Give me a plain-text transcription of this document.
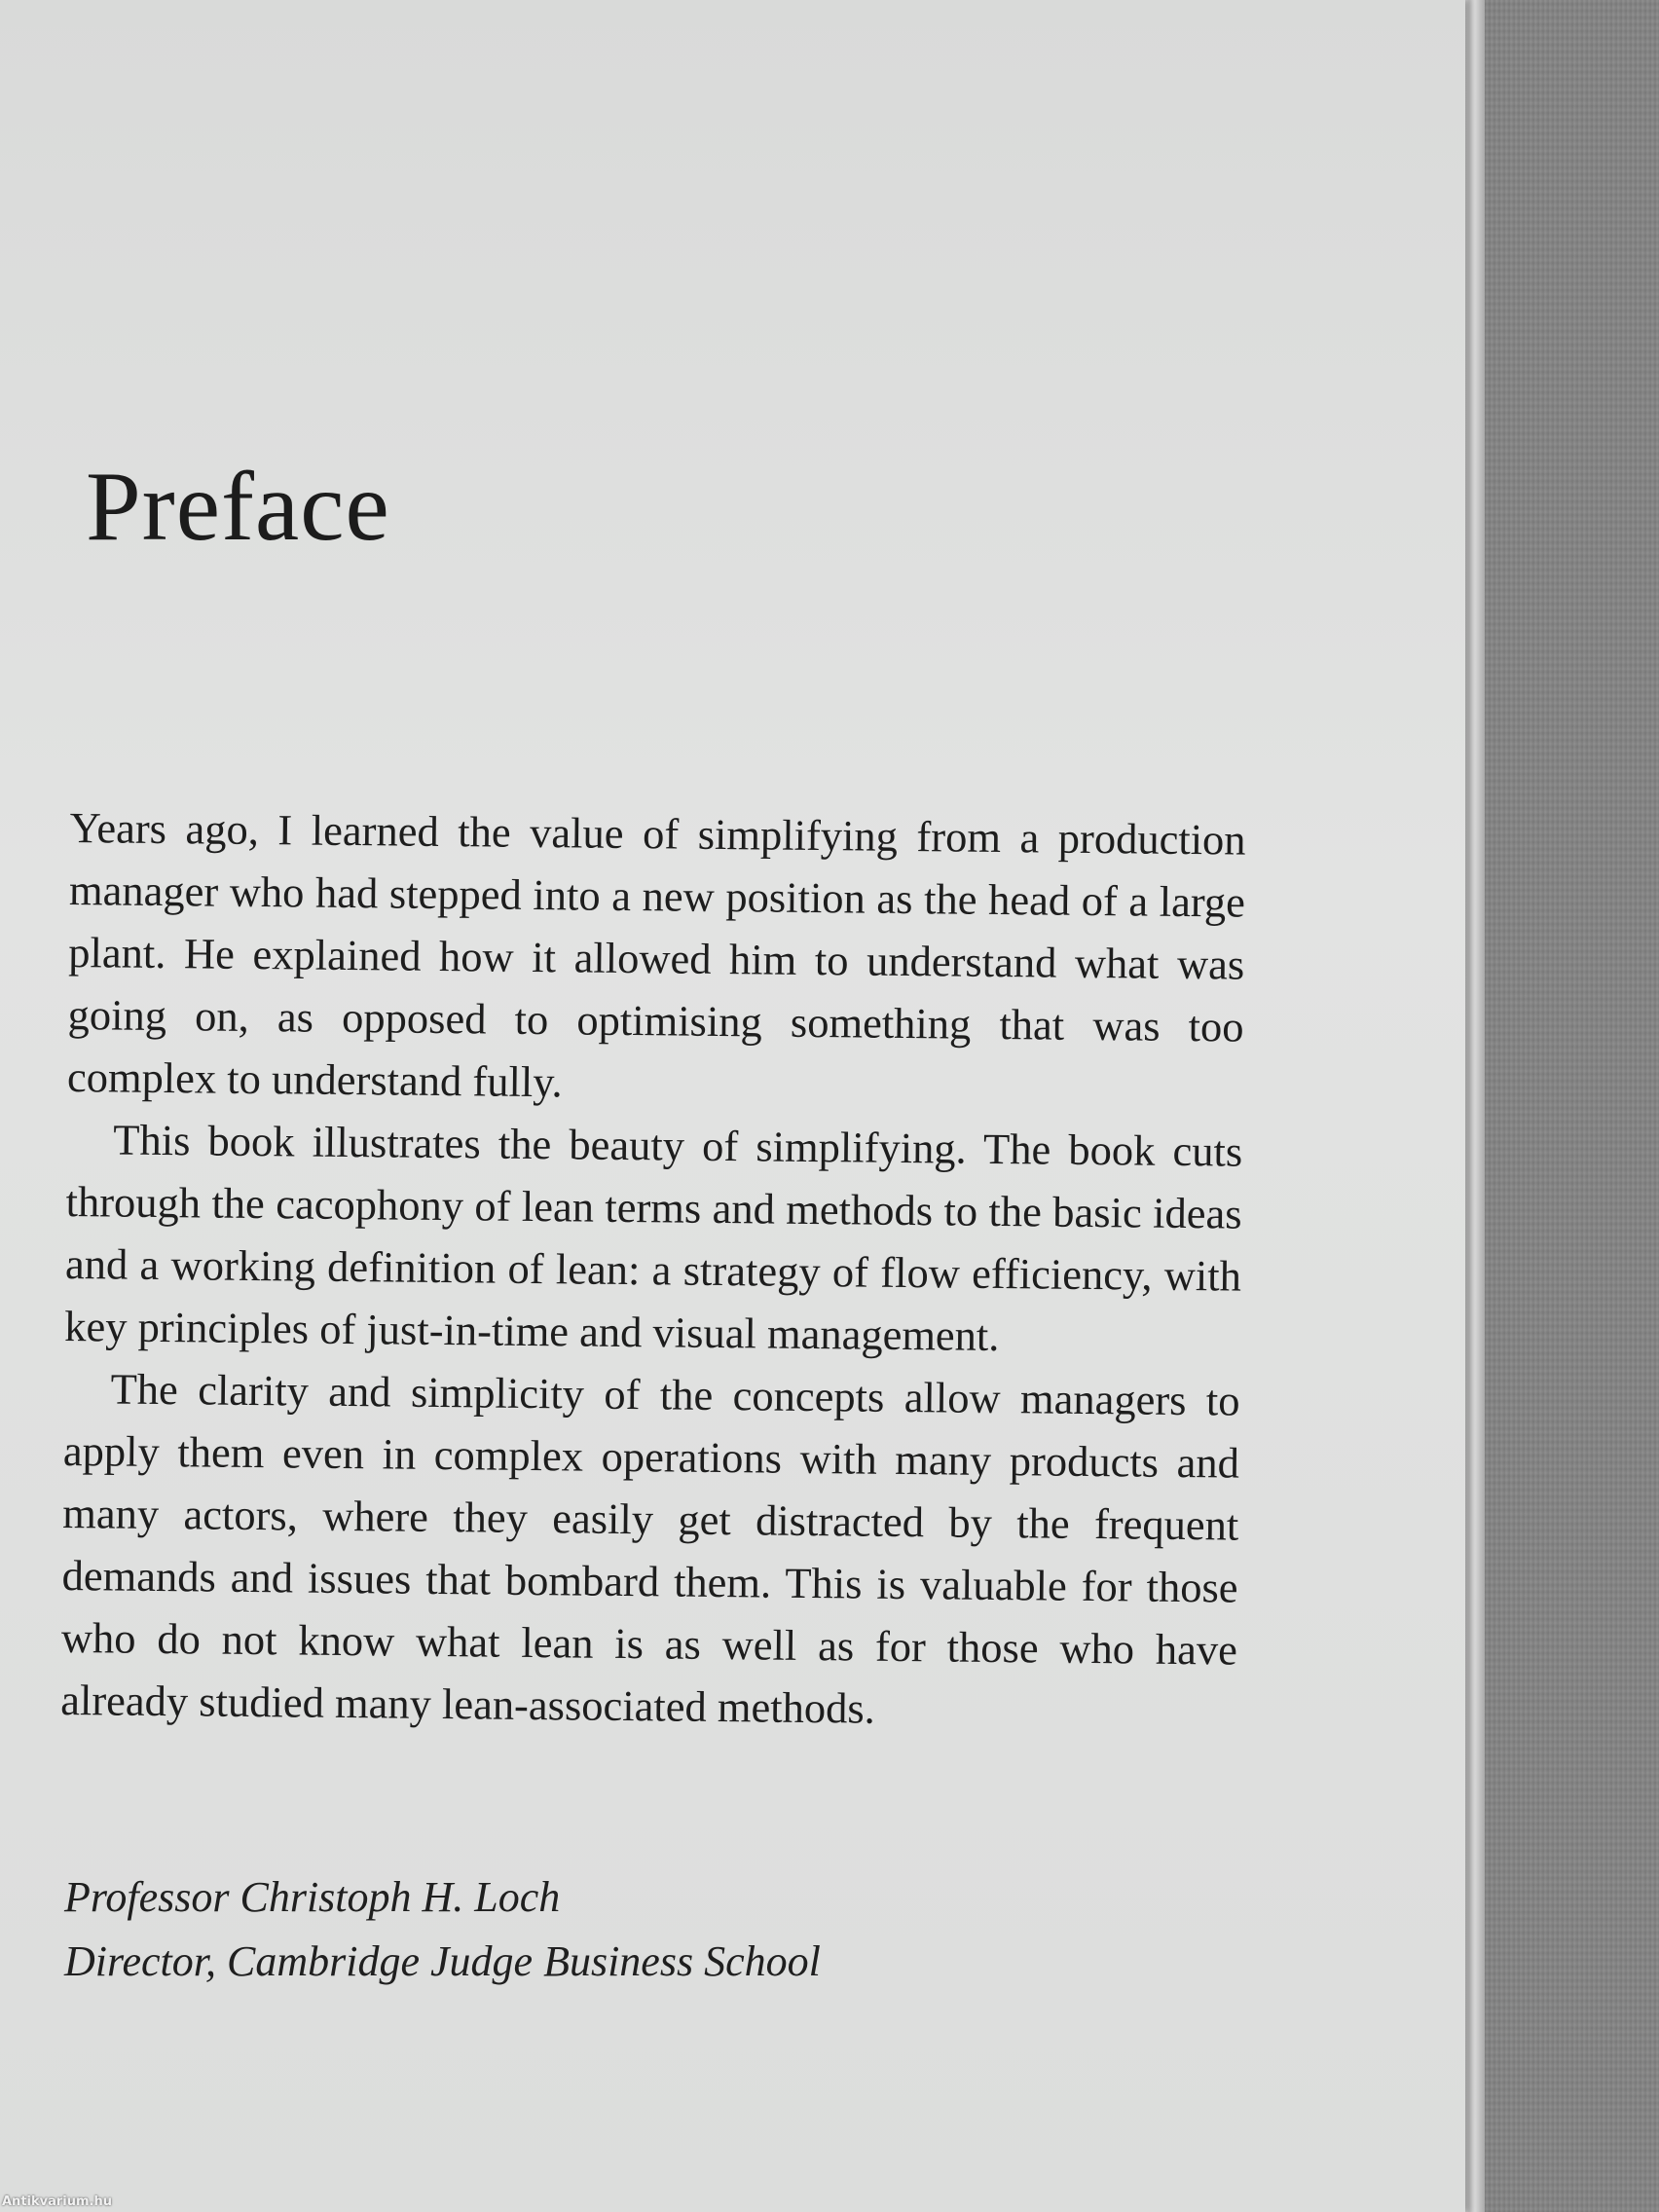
Preface

Years ago, I learned the value of simplifying from a production manager who had stepped into a new position as the head of a large plant. He explained how it allowed him to understand what was going on, as opposed to optimising something that was too complex to understand fully.

This book illustrates the beauty of simplifying. The book cuts through the cacophony of lean terms and methods to the basic ideas and a working definition of lean: a strategy of flow efficiency, with key principles of just-in-time and visual management.

The clarity and simplicity of the concepts allow managers to apply them even in complex operations with many products and many actors, where they easily get distracted by the frequent demands and issues that bombard them. This is valuable for those who do not know what lean is as well as for those who have already studied many lean-associated methods.

Professor Christoph H. Loch
Director, Cambridge Judge Business School
Antikvarium.hu
